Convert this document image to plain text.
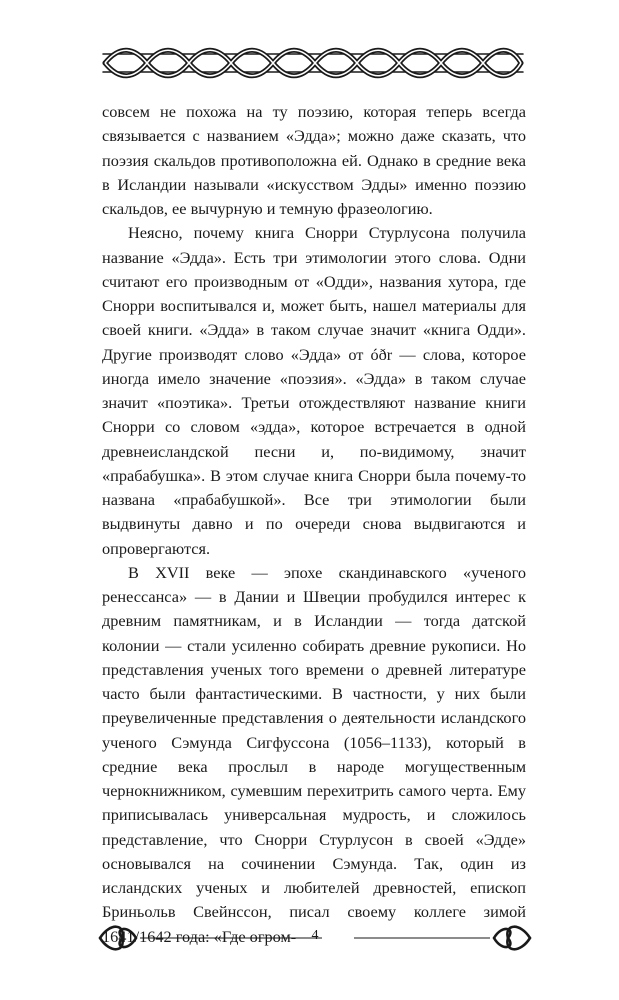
совсем не похожа на ту поэзию, которая теперь всегда связывается с названием «Эдда»; можно даже сказать, что поэзия скальдов противоположна ей. Однако в средние века в Исландии называли «искусством Эдды» именно поэзию скальдов, ее вычурную и темную фразеологию.

Неясно, почему книга Снорри Стурлусона получила название «Эдда». Есть три этимологии этого слова. Одни считают его производным от «Одди», названия хутора, где Снорри воспитывался и, может быть, нашел материалы для своей книги. «Эдда» в таком случае значит «книга Одди». Другие производят слово «Эдда» от óðr — слова, которое иногда имело значение «поэзия». «Эдда» в таком случае значит «поэтика». Третьи отождествляют название книги Снорри со словом «эдда», которое встречается в одной древнеисландской песни и, по-видимому, значит «прабабушка». В этом случае книга Снорри была почему-то названа «прабабушкой». Все три этимологии были выдвинуты давно и по очереди снова выдвигаются и опровергаются.

В XVII веке — эпохе скандинавского «ученого ренессанса» — в Дании и Швеции пробудился интерес к древним памятникам, и в Исландии — тогда датской колонии — стали усиленно собирать древние рукописи. Но представления ученых того времени о древней литературе часто были фантастическими. В частности, у них были преувеличенные представления о деятельности исландского ученого Сэмунда Сигфуссона (1056–1133), который в средние века прослыл в народе могущественным чернокнижником, сумевшим перехитрить самого черта. Ему приписывалась универсальная мудрость, и сложилось представление, что Снорри Стурлусон в своей «Эдде» основывался на сочинении Сэмунда. Так, один из исландских ученых и любителей древностей, епископ Бриньольв Свейнссон, писал своему коллеге зимой 1641/1642 года: «Где огром-	4
